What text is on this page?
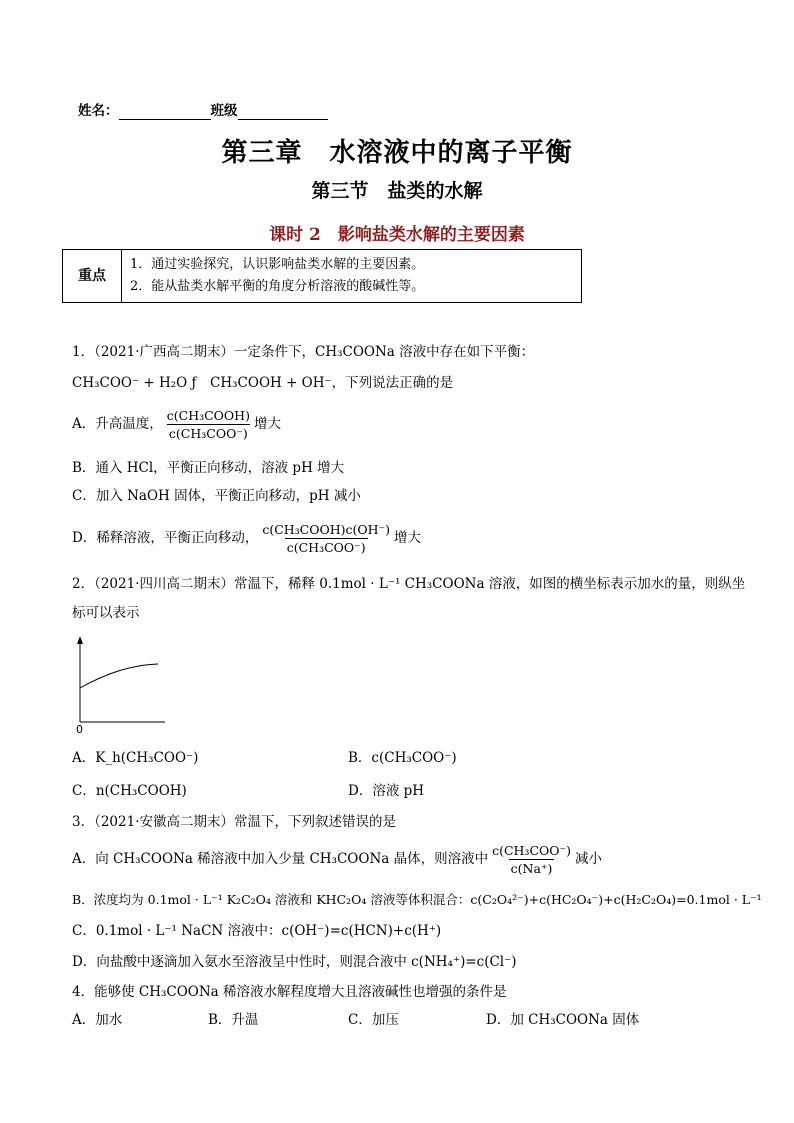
姓名：	班级
第三章　水溶液中的离子平衡
第三节　盐类的水解
课时 2　影响盐类水解的主要因素
重点	
1．通过实验探究，认识影响盐类水解的主要因素。
2．能从盐类水解平衡的角度分析溶液的酸碱性等。
1．（2021·广西高二期末）一定条件下，CH₃COONa 溶液中存在如下平衡：
CH₃COO⁻ + H₂O ƒ　CH₃COOH + OH⁻，下列说法正确的是
A．升高温度， $\frac{\text{c(CH₃COOH)}}{\text{c(CH₃COO⁻)}}$ 增大
B．通入 HCl，平衡正向移动，溶液 pH 增大
C．加入 NaOH 固体，平衡正向移动，pH 减小
D．稀释溶液，平衡正向移动， $\frac{\text{c(CH₃COOH)c(OH⁻)}}{\text{c(CH₃COO⁻)}}$ 增大
2．（2021·四川高二期末）常温下，稀释 0.1mol · L⁻¹ CH₃COONa 溶液，如图的横坐标表示加水的量，则纵坐
标可以表示
0
A．K_h(CH₃COO⁻)	B．c(CH₃COO⁻)
C．n(CH₃COOH)	D．溶液 pH
3．（2021·安徽高二期末）常温下，下列叙述错误的是
A．向 CH₃COONa 稀溶液中加入少量 CH₃COONa 晶体，则溶液中 $\frac{\text{c(CH₃COO⁻)}}{c(Na^+)}$ 减小
B．浓度均为 0.1mol · L⁻¹ K₂C₂O₄ 溶液和 KHC₂O₄ 溶液等体积混合：c(C₂O₄²⁻)+c(HC₂O₄⁻)+c(H₂C₂O₄)=0.1mol · L⁻¹
C．0.1mol · L⁻¹ NaCN 溶液中：c(OH⁻)=c(HCN)+c(H⁺)
D．向盐酸中逐滴加入氨水至溶液呈中性时，则混合液中 c(NH₄⁺)=c(Cl⁻)
4．能够使 CH₃COONa 稀溶液水解程度增大且溶液碱性也增强的条件是
A．加水	B．升温	C．加压	D．加 CH₃COONa 固体
